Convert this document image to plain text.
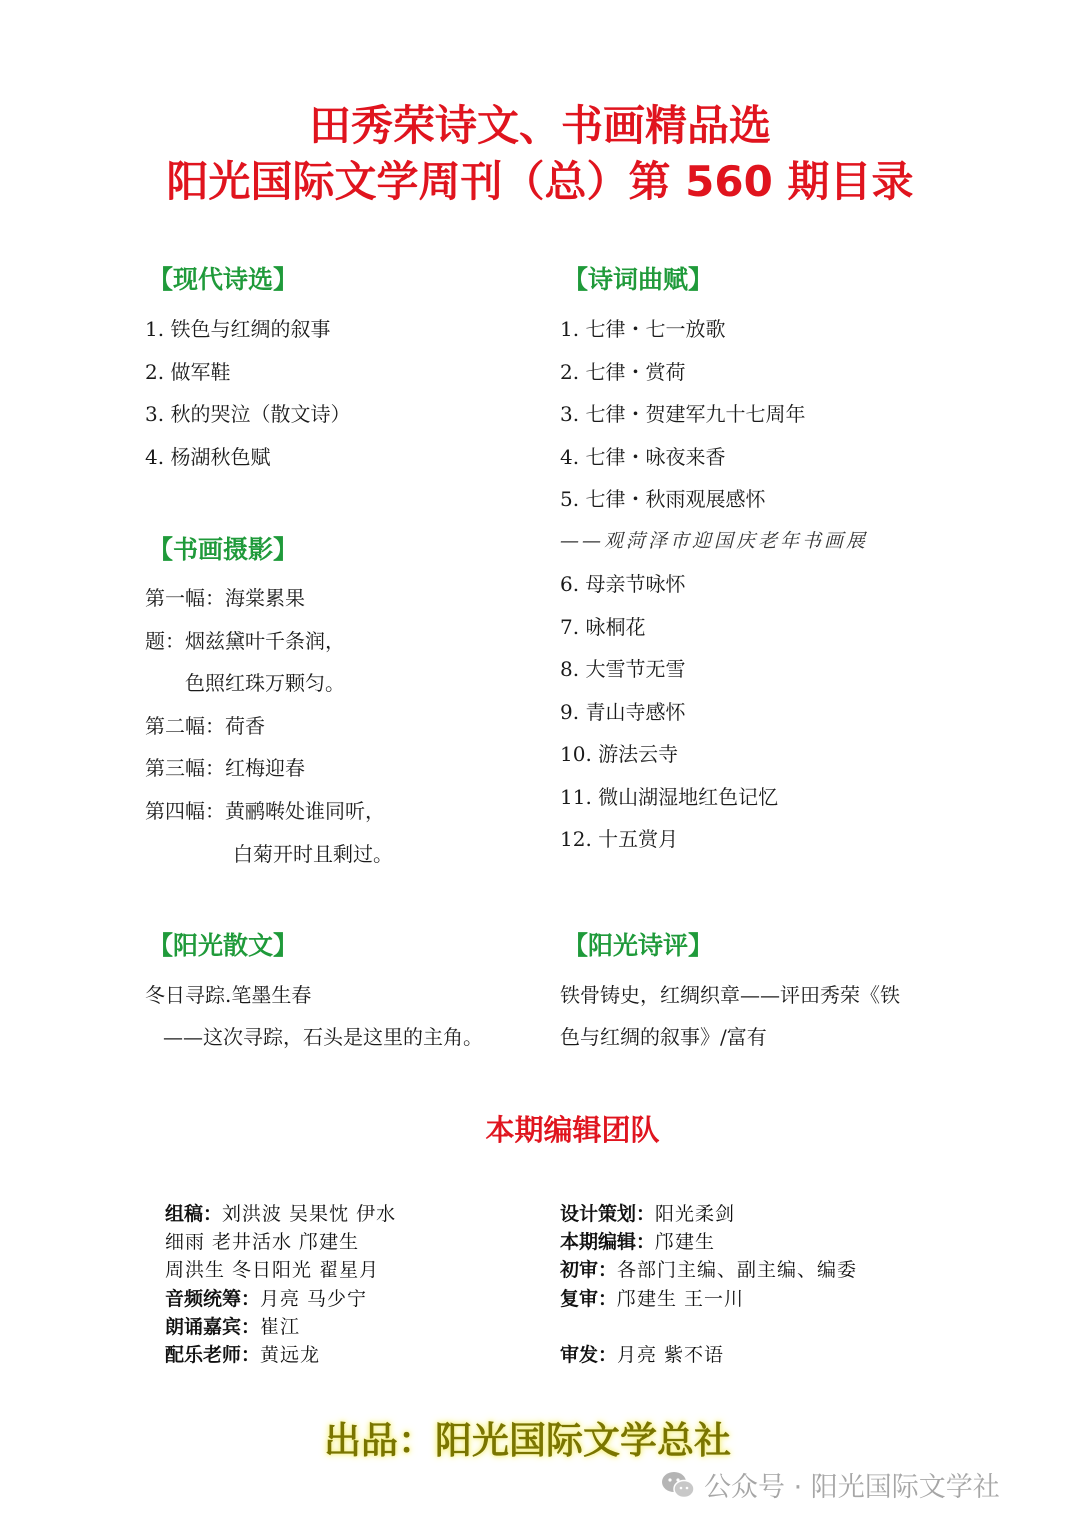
田秀荣诗文、书画精品选
阳光国际文学周刊（总）第 560 期目录
【现代诗选】
1. 铁色与红绸的叙事
2. 做军鞋
3. 秋的哭泣（散文诗）
4. 杨湖秋色赋
【书画摄影】
第一幅：海棠累果
题：烟兹黛叶千条润，
色照红珠万颗匀。
第二幅：荷香
第三幅：红梅迎春
第四幅：黄鹂啭处谁同听，
白菊开时且剩过。
【诗词曲赋】
1. 七律・七一放歌
2. 七律・赏荷
3. 七律・贺建军九十七周年
4. 七律・咏夜来香
5. 七律・秋雨观展感怀
——观菏泽市迎国庆老年书画展
6. 母亲节咏怀
7. 咏桐花
8. 大雪节无雪
9. 青山寺感怀
10. 游法云寺
11. 微山湖湿地红色记忆
12. 十五赏月
【阳光散文】
冬日寻踪.笔墨生春
——这次寻踪，石头是这里的主角。
【阳光诗评】
铁骨铸史，红绸织章——评田秀荣《铁
色与红绸的叙事》/富有
本期编辑团队
组稿：刘洪波 吴果忱 伊水
细雨 老井活水 邝建生
周洪生 冬日阳光 翟星月
音频统筹：月亮 马少宁
朗诵嘉宾：崔江
配乐老师：黄远龙
设计策划：阳光柔剑
本期编辑：邝建生
初审：各部门主编、副主编、编委
复审：邝建生 王一川
审发：月亮 紫不语
出品：阳光国际文学总社
公众号 · 阳光国际文学社
